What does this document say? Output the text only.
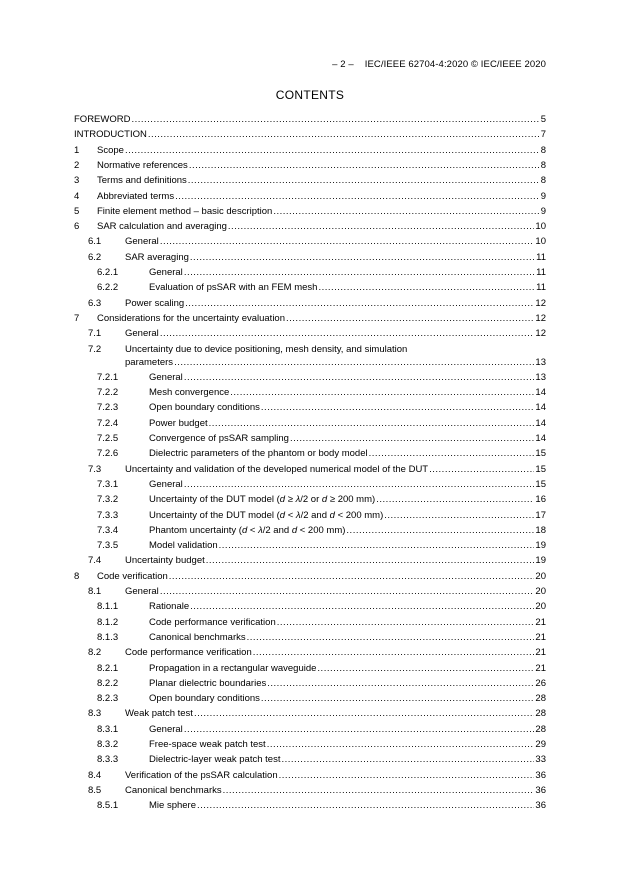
– 2 –    IEC/IEEE 62704-4:2020 © IEC/IEEE 2020
CONTENTS
FOREWORD .....	5
INTRODUCTION .....	7
1 Scope .....	8
2 Normative references .....	8
3 Terms and definitions .....	8
4 Abbreviated terms .....	9
5 Finite element method – basic description .....	9
6 SAR calculation and averaging .....	10
6.1	General .....	10
6.2	SAR averaging .....	11
6.2.1	General .....	11
6.2.2	Evaluation of psSAR with an FEM mesh .....	11
6.3	Power scaling .....	12
7 Considerations for the uncertainty evaluation .....	12
7.1	General .....	12
7.2	Uncertainty due to device positioning, mesh density, and simulation
parameters .....	13
7.2.1	General .....	13
7.2.2	Mesh convergence .....	14
7.2.3	Open boundary conditions .....	14
7.2.4	Power budget .....	14
7.2.5	Convergence of psSAR sampling .....	14
7.2.6	Dielectric parameters of the phantom or body model .....	15
7.3	Uncertainty and validation of the developed numerical model of the DUT .....	15
7.3.1	General .....	15
7.3.2	Uncertainty of the DUT model (d ≥ λ/2 or d ≥ 200 mm) .....	16
7.3.3	Uncertainty of the DUT model (d < λ/2 and d < 200 mm) .....	17
7.3.4	Phantom uncertainty (d < λ/2 and d < 200 mm) .....	18
7.3.5	Model validation .....	19
7.4	Uncertainty budget .....	19
8 Code verification .....	20
8.1	General .....	20
8.1.1	Rationale .....	20
8.1.2	Code performance verification .....	21
8.1.3	Canonical benchmarks .....	21
8.2	Code performance verification .....	21
8.2.1	Propagation in a rectangular waveguide .....	21
8.2.2	Planar dielectric boundaries .....	26
8.2.3	Open boundary conditions .....	28
8.3	Weak patch test .....	28
8.3.1	General .....	28
8.3.2	Free-space weak patch test .....	29
8.3.3	Dielectric-layer weak patch test .....	33
8.4	Verification of the psSAR calculation .....	36
8.5	Canonical benchmarks .....	36
8.5.1	Mie sphere .....	36
